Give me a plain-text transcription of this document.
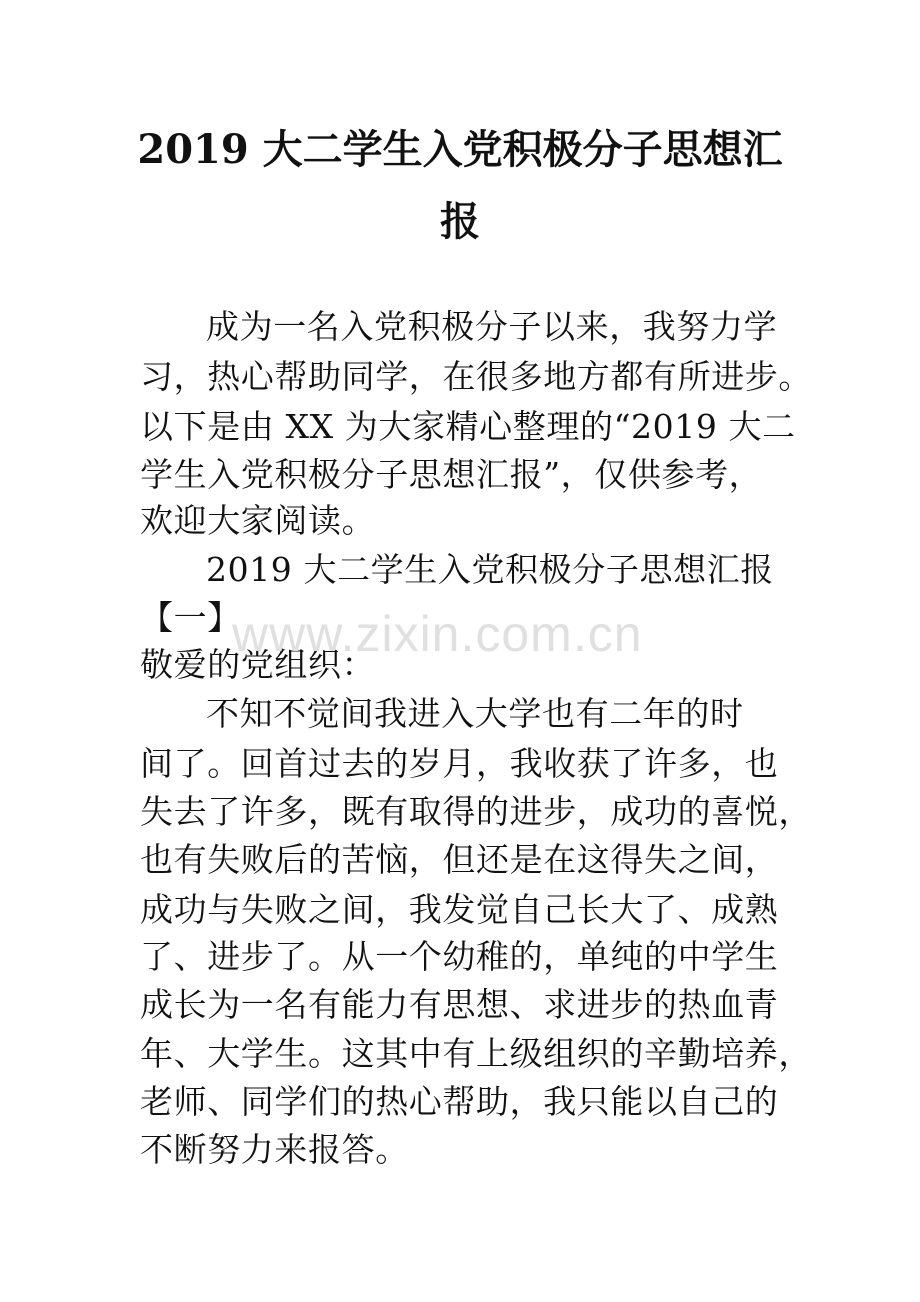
2019 大二学生入党积极分子思想汇
报
成为一名入党积极分子以来，我努力学
习，热心帮助同学，在很多地方都有所进步。
以下是由 XX 为大家精心整理的“2019 大二
学生入党积极分子思想汇报”，仅供参考，
欢迎大家阅读。
2019 大二学生入党积极分子思想汇报
【一】
敬爱的党组织：
不知不觉间我进入大学也有二年的时
间了。回首过去的岁月，我收获了许多，也
失去了许多，既有取得的进步，成功的喜悦，
也有失败后的苦恼，但还是在这得失之间，
成功与失败之间，我发觉自己长大了、成熟
了、进步了。从一个幼稚的，单纯的中学生
成长为一名有能力有思想、求进步的热血青
年、大学生。这其中有上级组织的辛勤培养，
老师、同学们的热心帮助，我只能以自己的
不断努力来报答。
www.zixin.com.cn
